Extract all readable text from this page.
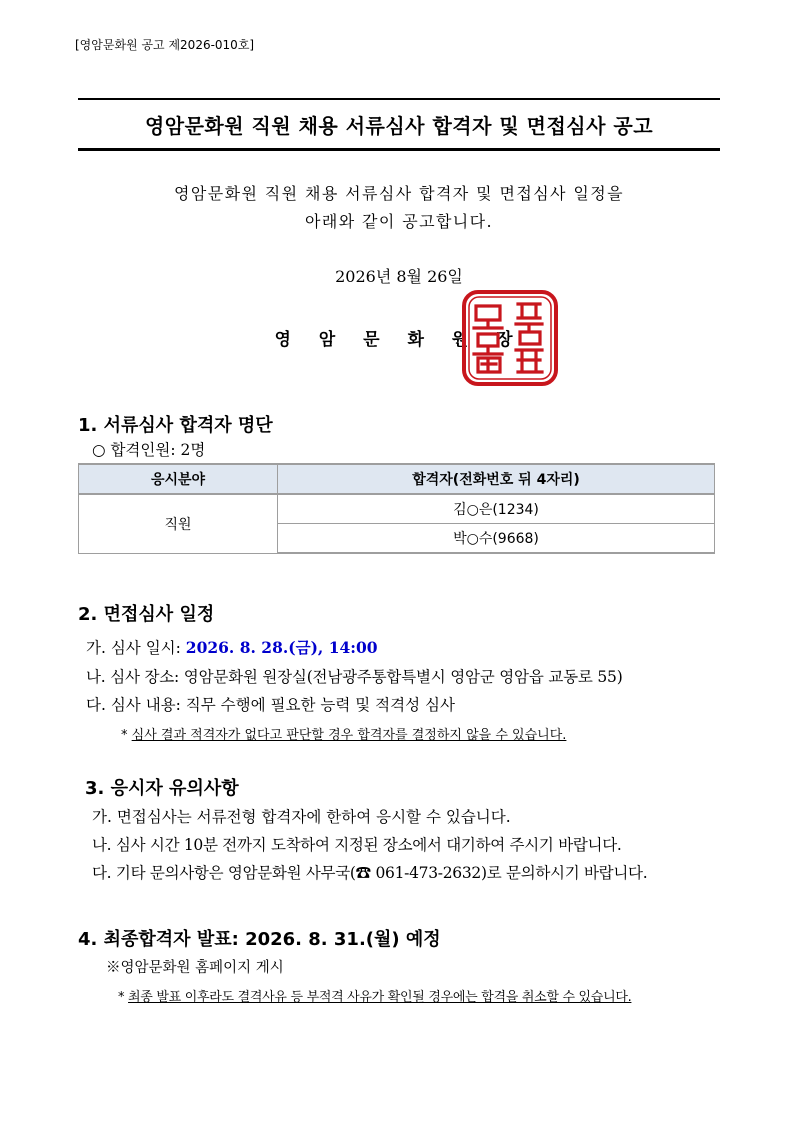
[영암문화원 공고 제2026-010호]
영암문화원 직원 채용 서류심사 합격자 및 면접심사 공고
영암문화원 직원 채용 서류심사 합격자 및 면접심사 일정을
아래와 같이 공고합니다.
2026년 8월 26일
영 암 문 화 원 장
1. 서류심사 합격자 명단
○ 합격인원: 2명
응시분야	합격자(전화번호 뒤 4자리)
직원	김○은(1234)
	박○수(9668)
2. 면접심사 일정
가. 심사 일시: 2026. 8. 28.(금), 14:00
나. 심사 장소: 영암문화원 원장실(전남광주통합특별시 영암군 영암읍 교동로 55)
다. 심사 내용: 직무 수행에 필요한 능력 및 적격성 심사
* 심사 결과 적격자가 없다고 판단할 경우 합격자를 결정하지 않을 수 있습니다.
3. 응시자 유의사항
가. 면접심사는 서류전형 합격자에 한하여 응시할 수 있습니다.
나. 심사 시간 10분 전까지 도착하여 지정된 장소에서 대기하여 주시기 바랍니다.
다. 기타 문의사항은 영암문화원 사무국(☎ 061-473-2632)로 문의하시기 바랍니다.
4. 최종합격자 발표: 2026. 8. 31.(월) 예정
※영암문화원 홈페이지 게시
* 최종 발표 이후라도 결격사유 등 부적격 사유가 확인될 경우에는 합격을 취소할 수 있습니다.
